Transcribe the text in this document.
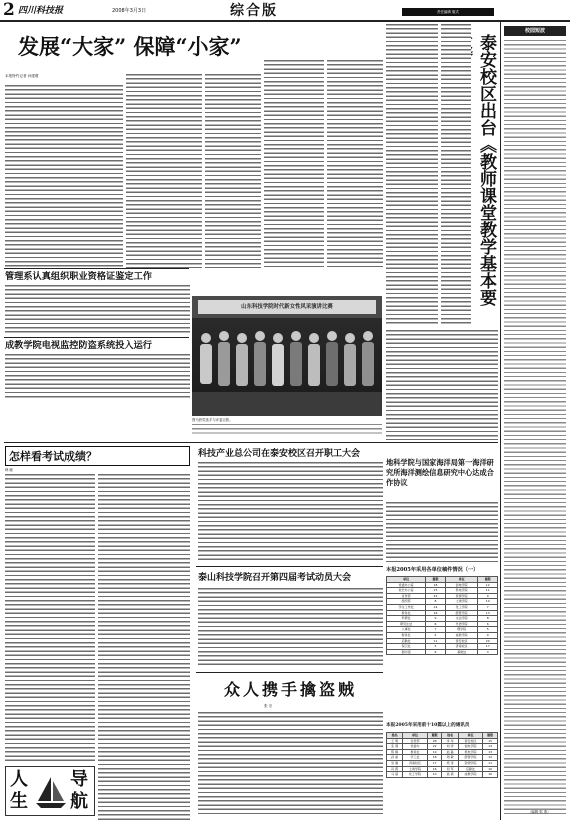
2 四川科技报	2008年3月3日	综合版	责任编辑 版式
发展“大家” 保障“小家”
本报特约记者 孙建增
泰安校区出台《教师课堂教学基本要
校园短波
管理系认真组织职业资格证鉴定工作
成教学院电视监控防盗系统投入运行
山东科技学院时代新女性风采演讲比赛
图为获奖选手与评委合影。
怎样看考试成绩？
韩 献
人 导
生 航
科技产业总公司在泰安校区召开职工大会
地科学院与国家海洋局第一海洋研究所海洋测绘信息研究中心达成合作协议
泰山科技学院召开第四届考试动员大会
众人携手擒盗贼
张 宗
本报2005年采用各单位稿件情况（一）
单位	篇数	单位	篇数
党委办公室	18	信电学院	12
校长办公室	15	机电学院	11
宣传部	22	资源学院	9
组织部	8	土建学院	10
学生工作处	14	化工学院	7
教务处	16	经管学院	13
科研处	9	文法学院	8
研究生处	6	外语学院	6
人事处	7	理学院	5
财务处	4	成教学院	9
后勤处	11	泰安校区	20
保卫处	5	济南校区	17
图书馆	6	基建处	3
本报2005年采用前十10篇以上的通讯员
姓名	单位	篇数	姓名	单位	篇数
王 明	宣传部	28	李 华	泰安校区	15
张 强	党委办	22	刘 洋	信电学院	14
陈 静	教务处	19	赵 磊	机电学院	13
孙 丽	学工处	18	周 敏	经管学院	12
吴 刚	济南校区	17	郑 涛	资源学院	11
冯 霞	土建学院	16	何 军	后勤处	10
马 超	化工学院	10	高 燕	成教学院	10
（编辑 郭 燕）
